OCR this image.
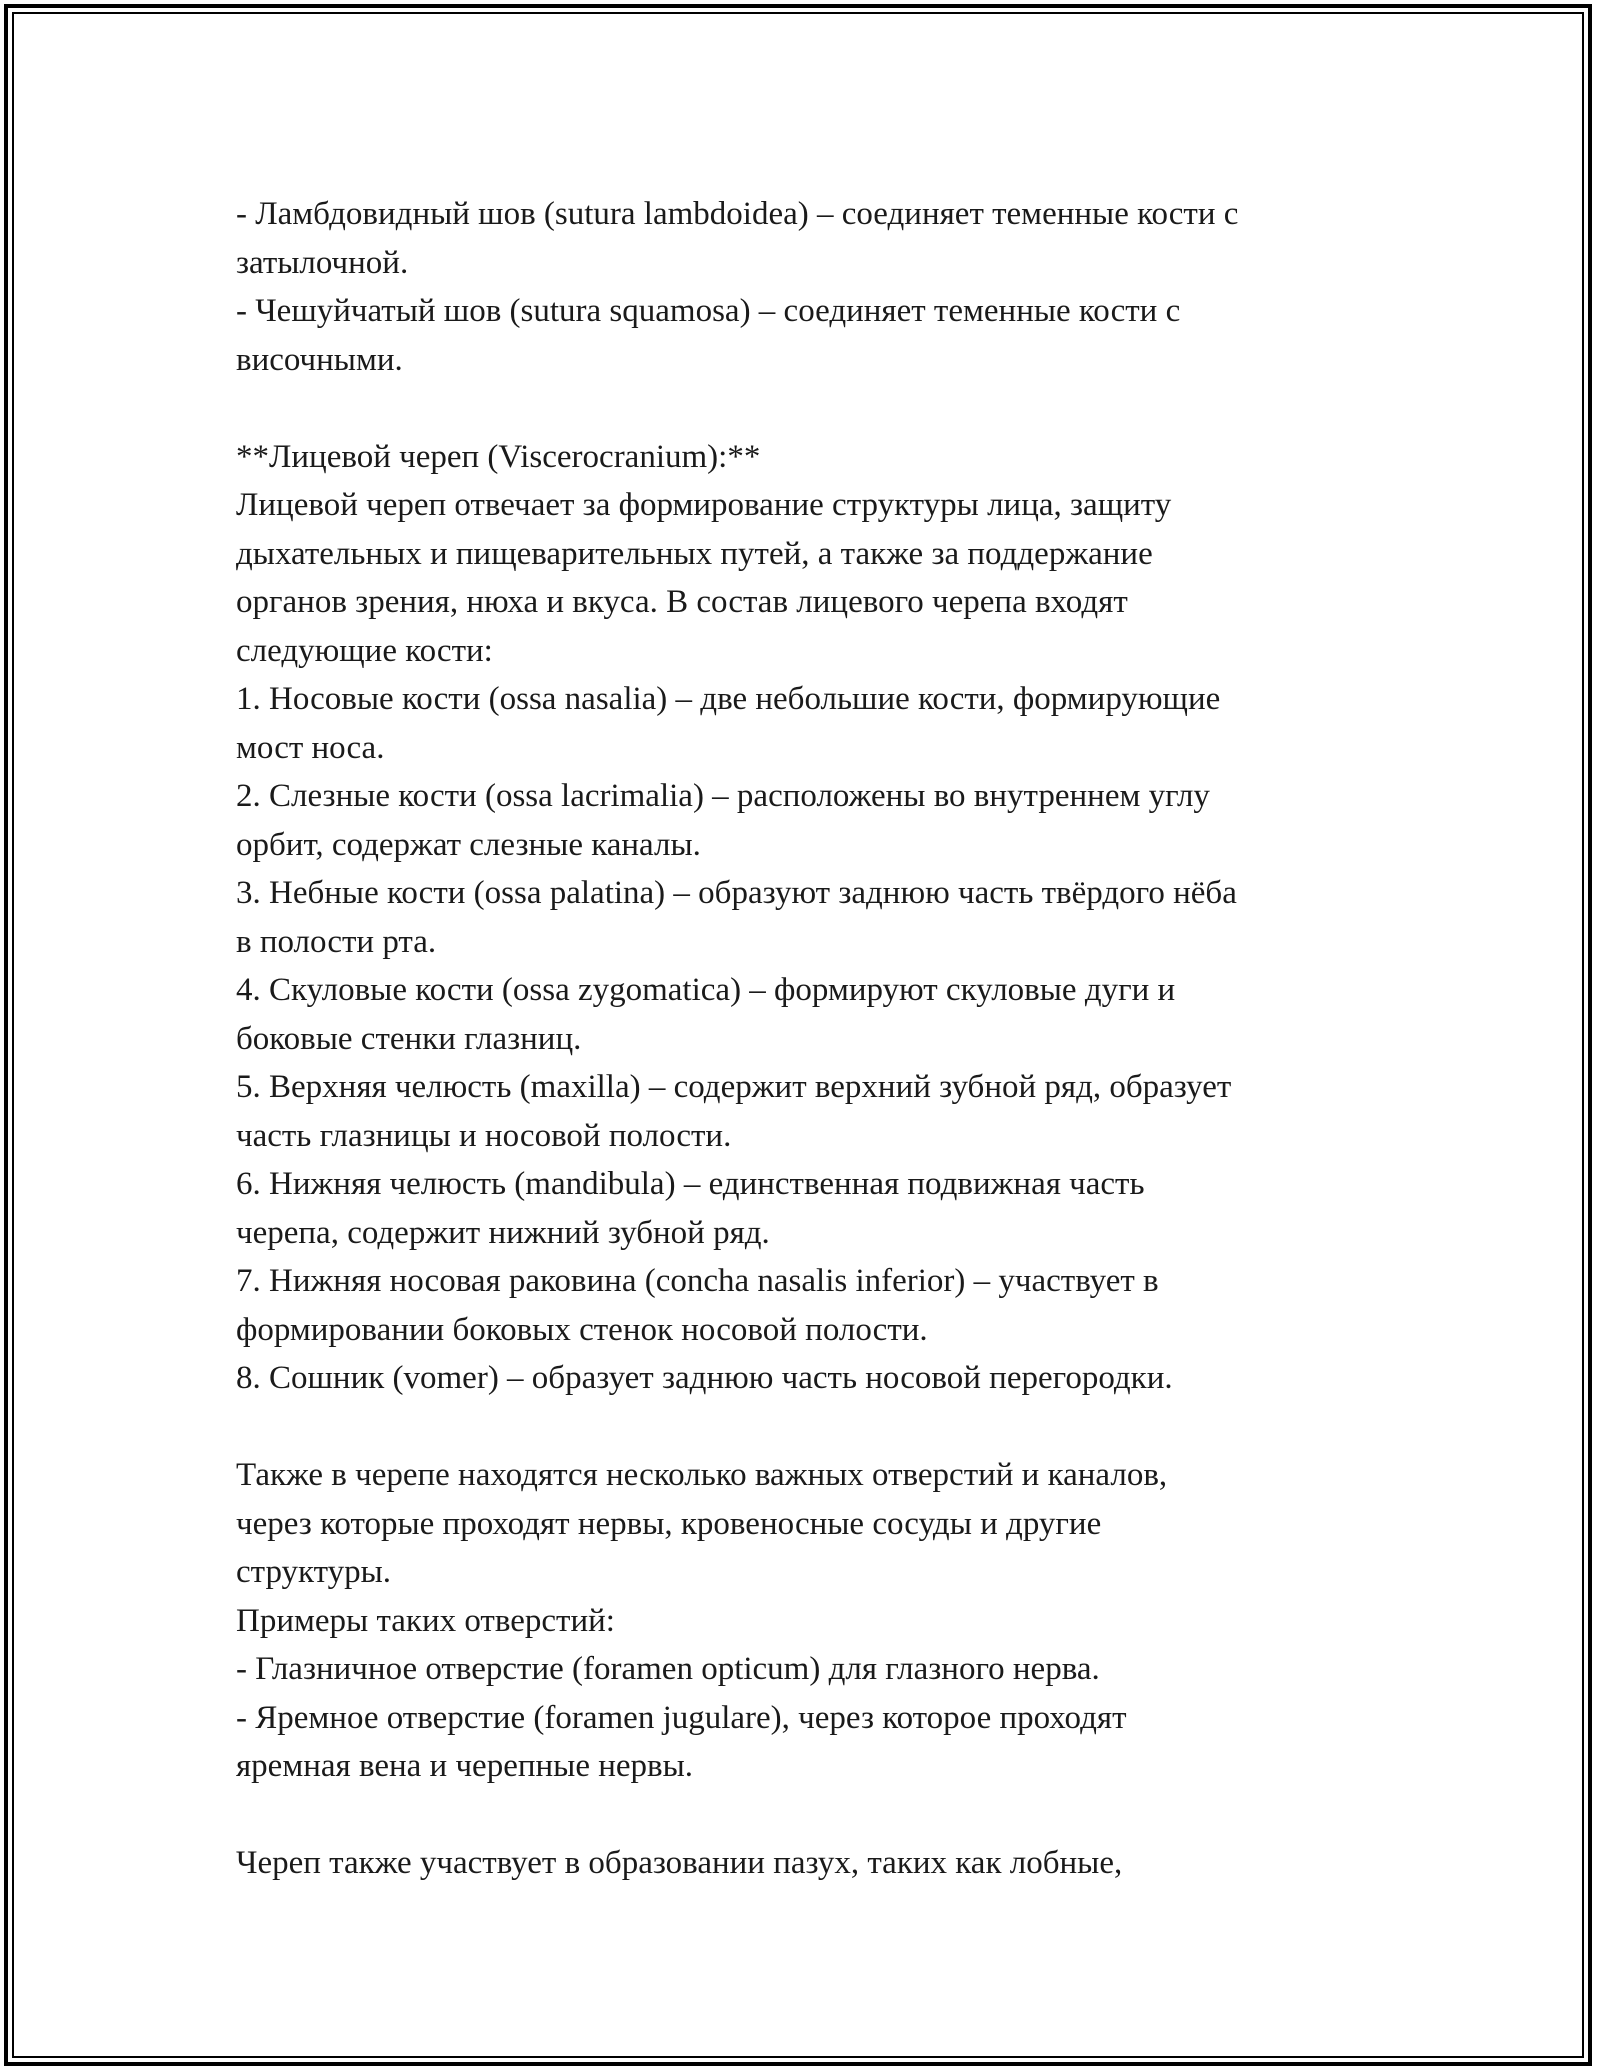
- Ламбдовидный шов (sutura lambdoidea) – соединяет теменные кости с
затылочной.
- Чешуйчатый шов (sutura squamosa) – соединяет теменные кости с
височными.
**Лицевой череп (Viscerocranium):**
Лицевой череп отвечает за формирование структуры лица, защиту
дыхательных и пищеварительных путей, а также за поддержание
органов зрения, нюха и вкуса. В состав лицевого черепа входят
следующие кости:
1. Носовые кости (ossa nasalia) – две небольшие кости, формирующие
мост носа.
2. Слезные кости (ossa lacrimalia) – расположены во внутреннем углу
орбит, содержат слезные каналы.
3. Небные кости (ossa palatina) – образуют заднюю часть твёрдого нёба
в полости рта.
4. Скуловые кости (ossa zygomatica) – формируют скуловые дуги и
боковые стенки глазниц.
5. Верхняя челюсть (maxilla) – содержит верхний зубной ряд, образует
часть глазницы и носовой полости.
6. Нижняя челюсть (mandibula) – единственная подвижная часть
черепа, содержит нижний зубной ряд.
7. Нижняя носовая раковина (concha nasalis inferior) – участвует в
формировании боковых стенок носовой полости.
8. Сошник (vomer) – образует заднюю часть носовой перегородки.
Также в черепе находятся несколько важных отверстий и каналов,
через которые проходят нервы, кровеносные сосуды и другие
структуры.
Примеры таких отверстий:
- Глазничное отверстие (foramen opticum) для глазного нерва.
- Яремное отверстие (foramen jugulare), через которое проходят
яремная вена и черепные нервы.
Череп также участвует в образовании пазух, таких как лобные,
